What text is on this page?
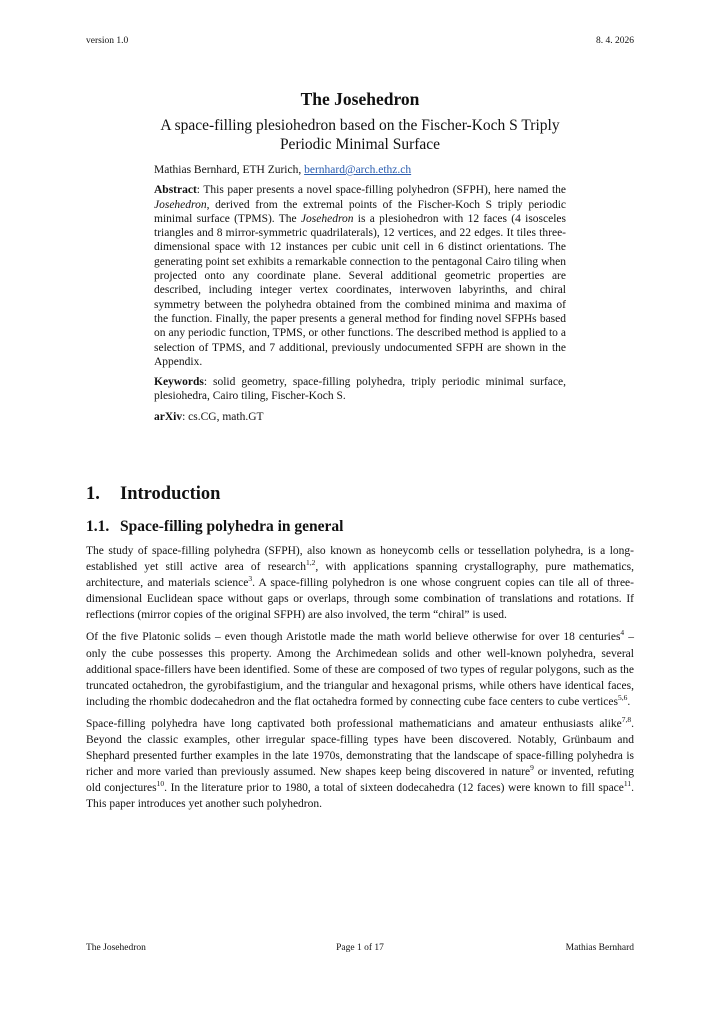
version 1.0	8. 4. 2026
The Josehedron

A space-filling plesiohedron based on the Fischer-Koch S Triply Periodic Minimal Surface

Mathias Bernhard, ETH Zurich, bernhard@arch.ethz.ch

Abstract: This paper presents a novel space-filling polyhedron (SFPH), here named the Josehedron, derived from the extremal points of the Fischer-Koch S triply periodic minimal surface (TPMS). The Josehedron is a plesiohedron with 12 faces (4 isosceles triangles and 8 mirror-symmetric quadrilaterals), 12 vertices, and 22 edges. It tiles three-dimensional space with 12 instances per cubic unit cell in 6 distinct orientations. The generating point set exhibits a remarkable connection to the pentagonal Cairo tiling when projected onto any coordinate plane. Several additional geometric properties are described, including integer vertex coordinates, interwoven labyrinths, and chiral symmetry between the polyhedra obtained from the combined minima and maxima of the function. Finally, the paper presents a general method for finding novel SFPHs based on any periodic function, TPMS, or other functions. The described method is applied to a selection of TPMS, and 7 additional, previously undocumented SFPH are shown in the Appendix.

Keywords: solid geometry, space-filling polyhedra, triply periodic minimal surface, plesiohedra, Cairo tiling, Fischer-Koch S.

arXiv: cs.CG, math.GT

1. Introduction
1.1. Space-filling polyhedra in general

The study of space-filling polyhedra (SFPH), also known as honeycomb cells or tessellation polyhedra, is a long-established yet still active area of research$^{1,2}$, with applications spanning crystallography, pure mathematics, architecture, and materials science$^3$. A space-filling polyhedron is one whose congruent copies can tile all of three-dimensional Euclidean space without gaps or overlaps, through some combination of translations and rotations. If reflections (mirror copies of the original SFPH) are also involved, the term “chiral” is used.

Of the five Platonic solids – even though Aristotle made the math world believe otherwise for over 18 centuries$^4$ – only the cube possesses this property. Among the Archimedean solids and other well-known polyhedra, several additional space-fillers have been identified. Some of these are composed of two types of regular polygons, such as the truncated octahedron, the gyrobifastigium, and the triangular and hexagonal prisms, while others have identical faces, including the rhombic dodecahedron and the flat octahedra formed by connecting cube face centers to cube vertices$^{5,6}$.

Space-filling polyhedra have long captivated both professional mathematicians and amateur enthusiasts alike$^{7,8}$. Beyond the classic examples, other irregular space-filling types have been discovered. Notably, Grünbaum and Shephard presented further examples in the late 1970s, demonstrating that the landscape of space-filling polyhedra is richer and more varied than previously assumed. New shapes keep being discovered in nature$^9$ or invented, refuting old conjectures$^{10}$. In the literature prior to 1980, a total of sixteen dodecahedra (12 faces) were known to fill space$^{11}$. This paper introduces yet another such polyhedron.

The Josehedron	Page 1 of 17	Mathias Bernhard
